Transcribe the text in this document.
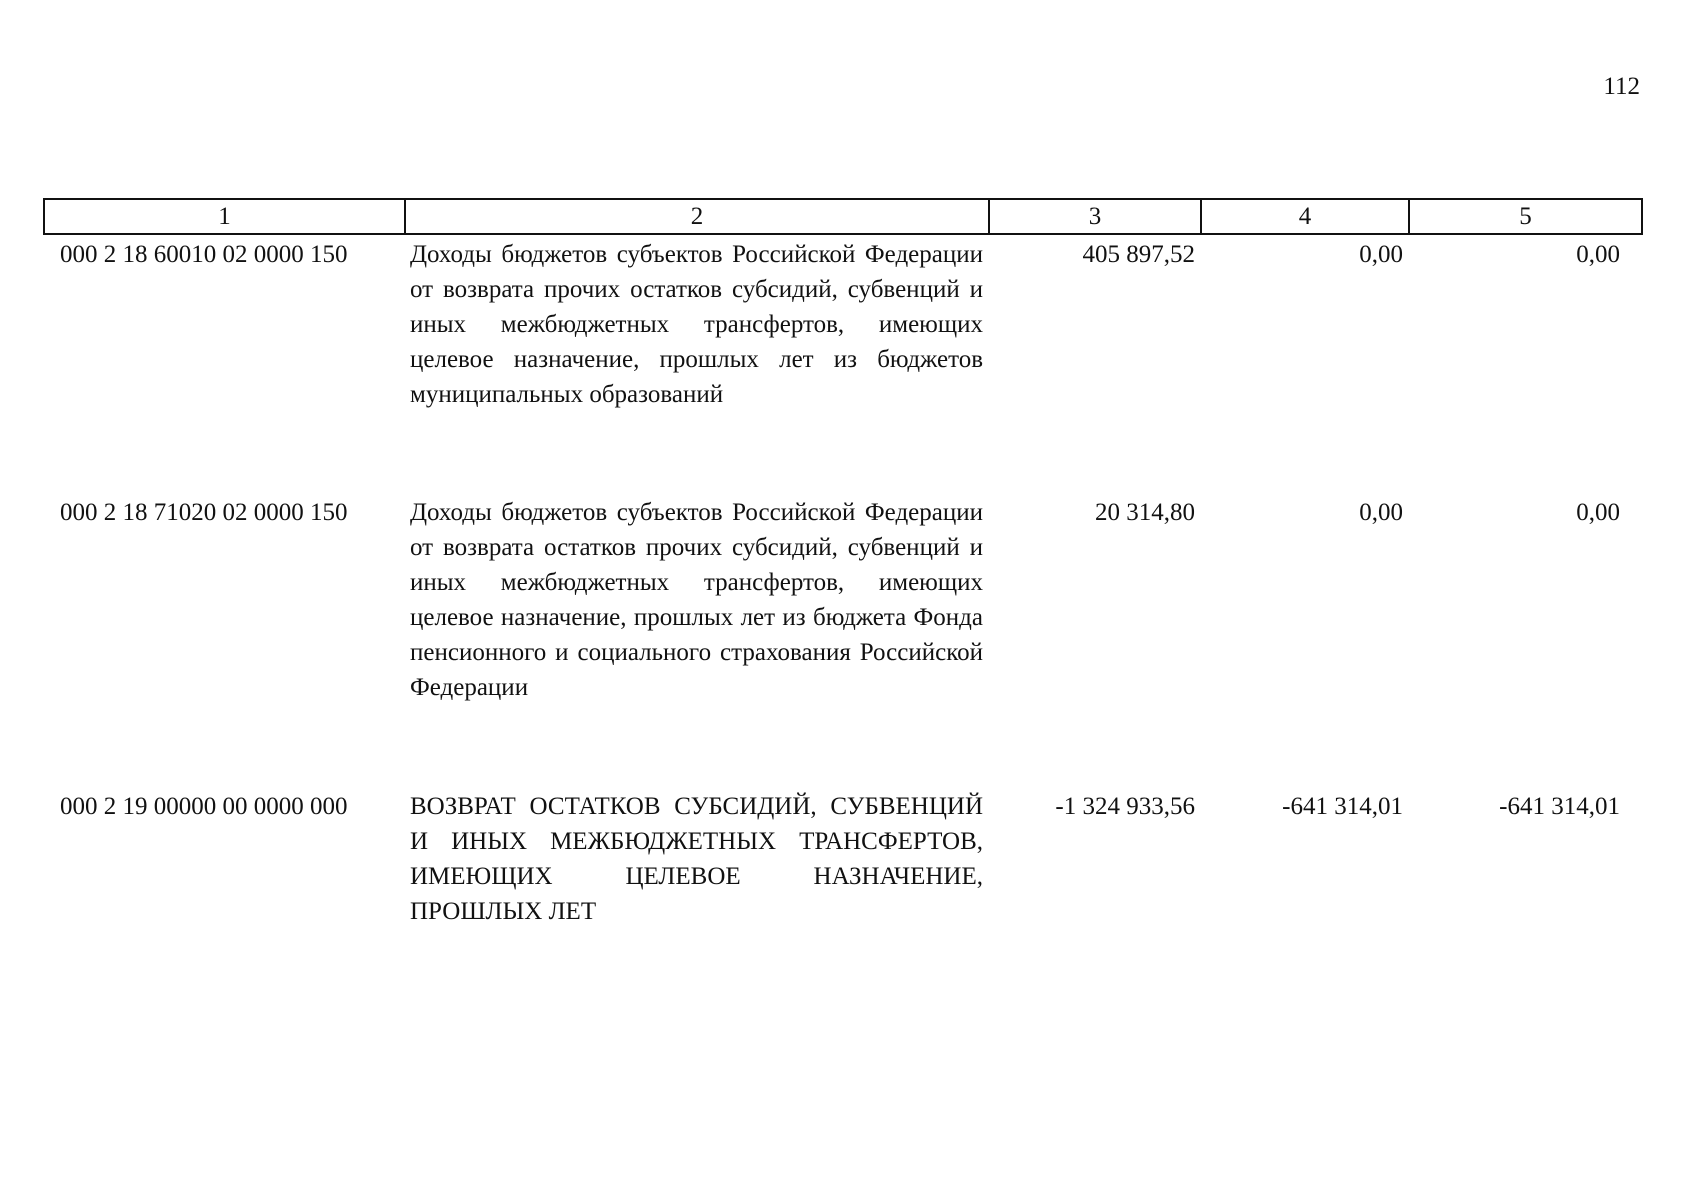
112
1	2	3	4	5
000 2 18 60010 02 0000 150	Доходы бюджетов субъектов Российской Федерации от возврата прочих остатков субсидий, субвенций и иных межбюджетных трансфертов, имеющих целевое назначение, прошлых лет из бюджетов муниципальных образований	405 897,52	0,00	0,00
000 2 18 71020 02 0000 150	Доходы бюджетов субъектов Российской Федерации от возврата остатков прочих субсидий, субвенций и иных межбюджетных трансфертов, имеющих целевое назначение, прошлых лет из бюджета Фонда пенсионного и социального страхования Российской Федерации	20 314,80	0,00	0,00
000 2 19 00000 00 0000 000	ВОЗВРАТ ОСТАТКОВ СУБСИДИЙ, СУБВЕНЦИЙ И ИНЫХ МЕЖБЮДЖЕТНЫХ ТРАНСФЕРТОВ, ИМЕЮЩИХ ЦЕЛЕВОЕ НАЗНАЧЕНИЕ, ПРОШЛЫХ ЛЕТ	-1 324 933,56	-641 314,01	-641 314,01
